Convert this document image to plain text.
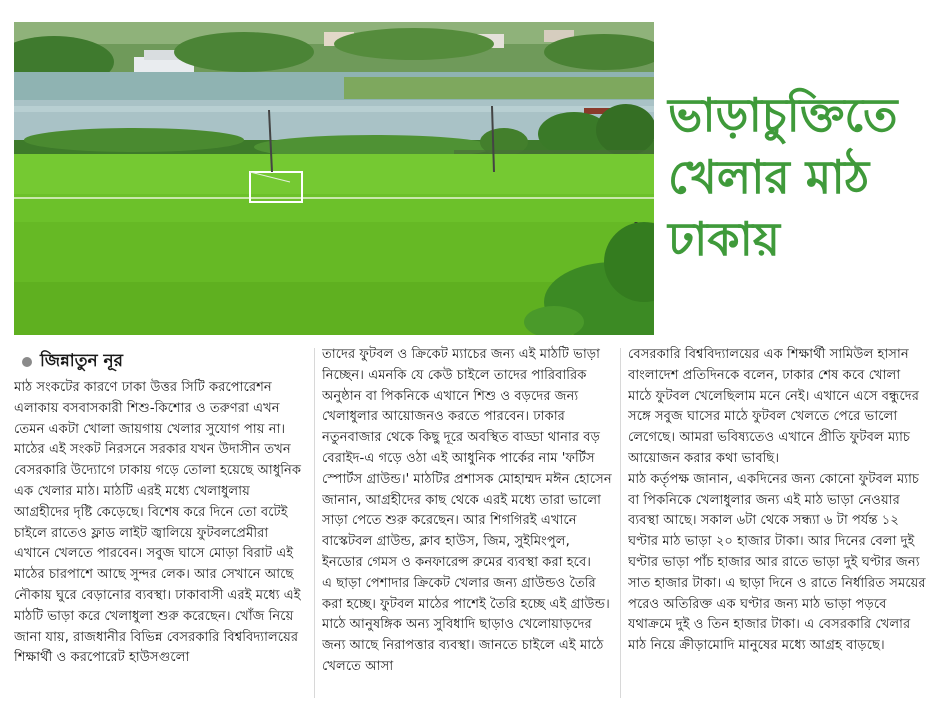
ভাড়াচুক্তিতে
খেলার মাঠ
ঢাকায়
জিন্নাতুন নূর

মাঠ সংকটের কারণে ঢাকা উত্তর সিটি করপোরেশন এলাকায় বসবাসকারী শিশু-কিশোর ও তরুণরা এখন তেমন একটা খোলা জায়গায় খেলার সুযোগ পায় না। মাঠের এই সংকট নিরসনে সরকার যখন উদাসীন তখন বেসরকারি উদ্যোগে ঢাকায় গড়ে তোলা হয়েছে আধুনিক এক খেলার মাঠ। মাঠটি এরই মধ্যে খেলাধুলায় আগ্রহীদের দৃষ্টি কেড়েছে। বিশেষ করে দিনে তো বটেই চাইলে রাতেও ফ্লাড লাইট জ্বালিয়ে ফুটবলপ্রেমীরা এখানে খেলতে পারবেন। সবুজ ঘাসে মোড়া বিরাট এই মাঠের চারপাশে আছে সুন্দর লেক। আর সেখানে আছে নৌকায় ঘুরে বেড়ানোর ব্যবস্থা। ঢাকাবাসী এরই মধ্যে এই মাঠটি ভাড়া করে খেলাধুলা শুরু করেছেন। খোঁজ নিয়ে জানা যায়, রাজধানীর বিভিন্ন বেসরকারি বিশ্ববিদ্যালয়ের শিক্ষার্থী ও করপোরেট হাউসগুলো

তাদের ফুটবল ও ক্রিকেট ম্যাচের জন্য এই মাঠটি ভাড়া নিচ্ছেন। এমনকি যে কেউ চাইলে তাদের পারিবারিক অনুষ্ঠান বা পিকনিকে এখানে শিশু ও বড়দের জন্য খেলাধুলার আয়োজনও করতে পারবেন। ঢাকার নতুনবাজার থেকে কিছু দূরে অবস্থিত বাড্ডা থানার বড় বেরাইদ-এ গড়ে ওঠা এই আধুনিক পার্কের নাম 'ফর্টিস স্পোর্টস গ্রাউন্ড।' মাঠটির প্রশাসক মোহাম্মদ মঈন হোসেন জানান, আগ্রহীদের কাছ থেকে এরই মধ্যে তারা ভালো সাড়া পেতে শুরু করেছেন। আর শিগগিরই এখানে বাস্কেটবল গ্রাউন্ড, ক্লাব হাউস, জিম, সুইমিংপুল, ইনডোর গেমস ও কনফারেন্স রুমের ব্যবস্থা করা হবে।

এ ছাড়া পেশাদার ক্রিকেট খেলার জন্য গ্রাউন্ডও তৈরি করা হচ্ছে। ফুটবল মাঠের পাশেই তৈরি হচ্ছে এই গ্রাউন্ড। মাঠে আনুষঙ্গিক অন্য সুবিধাদি ছাড়াও খেলোয়াড়দের জন্য আছে নিরাপত্তার ব্যবস্থা। জানতে চাইলে এই মাঠে খেলতে আসা

বেসরকারি বিশ্ববিদ্যালয়ের এক শিক্ষার্থী সামিউল হাসান বাংলাদেশ প্রতিদিনকে বলেন, ঢাকার শেষ কবে খোলা মাঠে ফুটবল খেলেছিলাম মনে নেই। এখানে এসে বন্ধুদের সঙ্গে সবুজ ঘাসের মাঠে ফুটবল খেলতে পেরে ভালো লেগেছে। আমরা ভবিষ্যতেও এখানে প্রীতি ফুটবল ম্যাচ আয়োজন করার কথা ভাবছি।

মাঠ কর্তৃপক্ষ জানান, একদিনের জন্য কোনো ফুটবল ম্যাচ বা পিকনিকে খেলাধুলার জন্য এই মাঠ ভাড়া নেওয়ার ব্যবস্থা আছে। সকাল ৬টা থেকে সন্ধ্যা ৬ টা পর্যন্ত ১২ ঘণ্টার মাঠ ভাড়া ২০ হাজার টাকা। আর দিনের বেলা দুই ঘণ্টার ভাড়া পাঁচ হাজার আর রাতে ভাড়া দুই ঘণ্টার জন্য সাত হাজার টাকা। এ ছাড়া দিনে ও রাতে নির্ধারিত সময়ের পরেও অতিরিক্ত এক ঘণ্টার জন্য মাঠ ভাড়া পড়বে যথাক্রমে দুই ও তিন হাজার টাকা। এ বেসরকারি খেলার মাঠ নিয়ে ক্রীড়ামোদি মানুষের মধ্যে আগ্রহ বাড়ছে।
